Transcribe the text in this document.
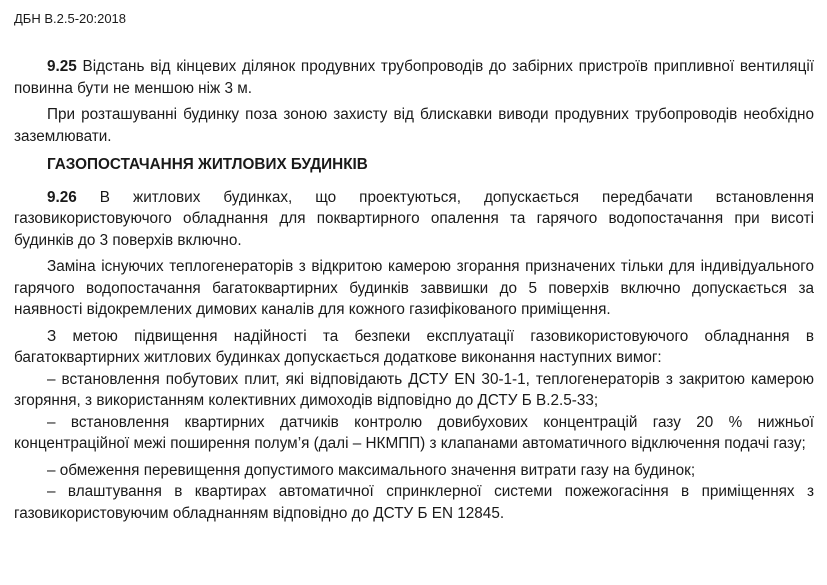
ДБН В.2.5-20:2018

9.25 Відстань від кінцевих ділянок продувних трубопроводів до забірних пристроїв припливної вентиляції повинна бути не меншою ніж 3 м.

При розташуванні будинку поза зоною захисту від блискавки виводи продувних трубопроводів необхідно заземлювати.

ГАЗОПОСТАЧАННЯ ЖИТЛОВИХ БУДИНКІВ

9.26 В житлових будинках, що проектуються, допускається передбачати встановлення газовикористовуючого обладнання для поквартирного опалення та гарячого водопостачання при висоті будинків до 3 поверхів включно.

Заміна існуючих теплогенераторів з відкритою камерою згорання призначених тільки для індивідуального гарячого водопостачання багатоквартирних будинків заввишки до 5 поверхів включно допускається за наявності відокремлених димових каналів для кожного газифікованого приміщення.

З метою підвищення надійності та безпеки експлуатації газовикористовуючого обладнання в багатоквартирних житлових будинках допускається додаткове виконання наступних вимог:

– встановлення побутових плит, які відповідають ДСТУ EN 30-1-1, теплогенераторів з закритою камерою згоряння, з використанням колективних димоходів відповідно до ДСТУ Б В.2.5-33;

– встановлення квартирних датчиків контролю довибухових концентрацій газу 20 % нижньої концентраційної межі поширення полум’я (далі – НКМПП) з клапанами автоматичного відключення подачі газу;

– обмеження перевищення допустимого максимального значення витрати газу на будинок;

– влаштування в квартирах автоматичної спринклерної системи пожежогасіння в приміщеннях з газовикористовуючим обладнанням відповідно до ДСТУ Б EN 12845.
